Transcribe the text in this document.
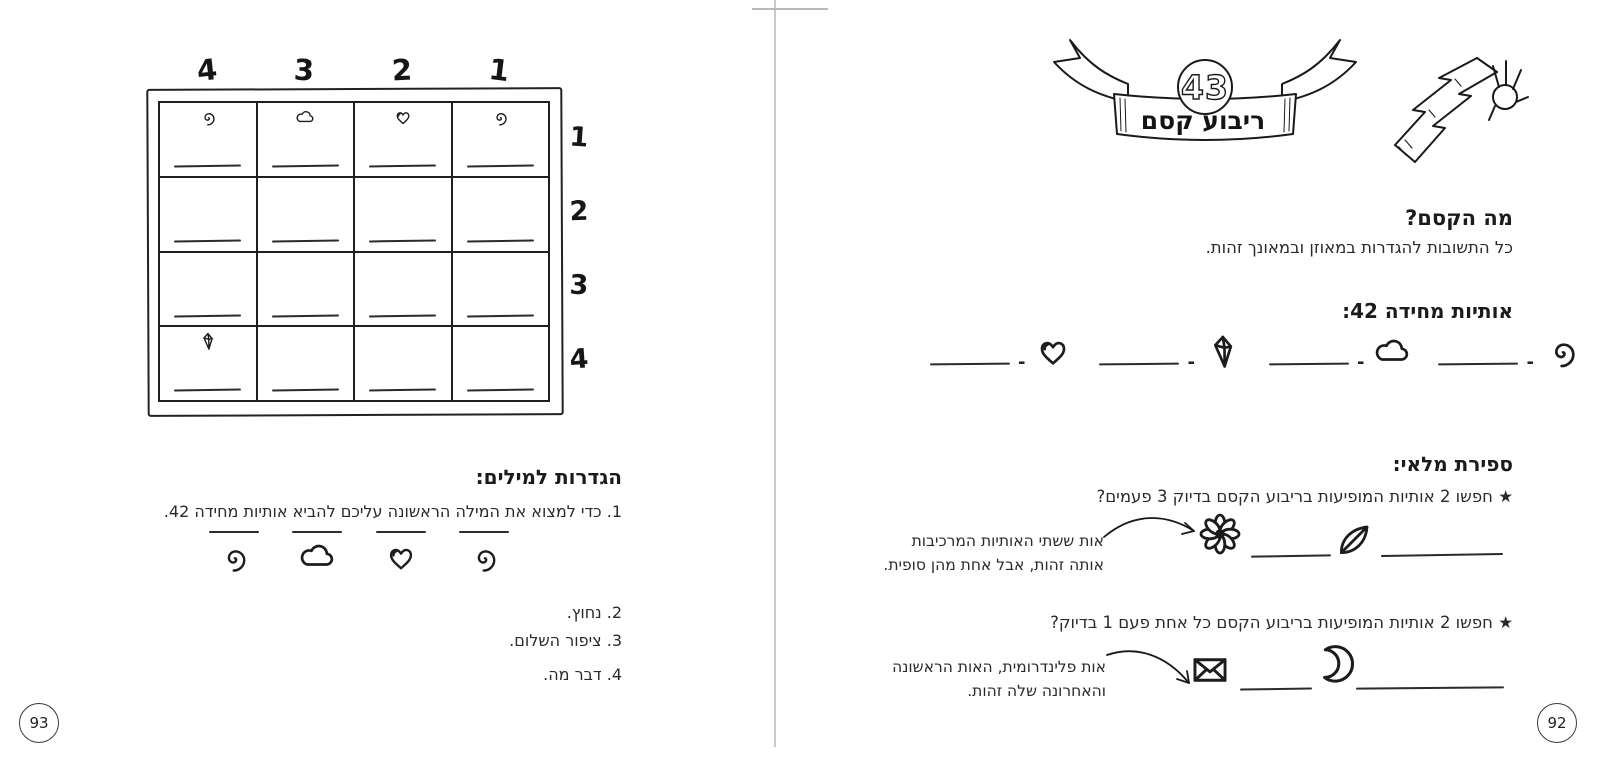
הגדרות למילים:

1. כדי למצוא את המילה הראשונה עליכם להביא אותיות מחידה 42.

2. נחוץ.

3. ציפור השלום.

4. דבר מה.

93
4	3	2	1
1
2
3
4
43
ריבוע קסם
מה הקסם?

כל התשובות להגדרות במאוזן ובמאונך זהות.

אותיות מחידה 42:
-	-	-	-
ספירת מלאי:

★ חפשו 2 אותיות המופיעות בריבוע הקסם בדיוק 3 פעמים?

אות ששתי האותיות המרכיבות אותה זהות, אבל אחת מהן סופית.

★ חפשו 2 אותיות המופיעות בריבוע הקסם כל אחת פעם 1 בדיוק?

אות פלינדרומית, האות הראשונה והאחרונה שלה זהות.

92
